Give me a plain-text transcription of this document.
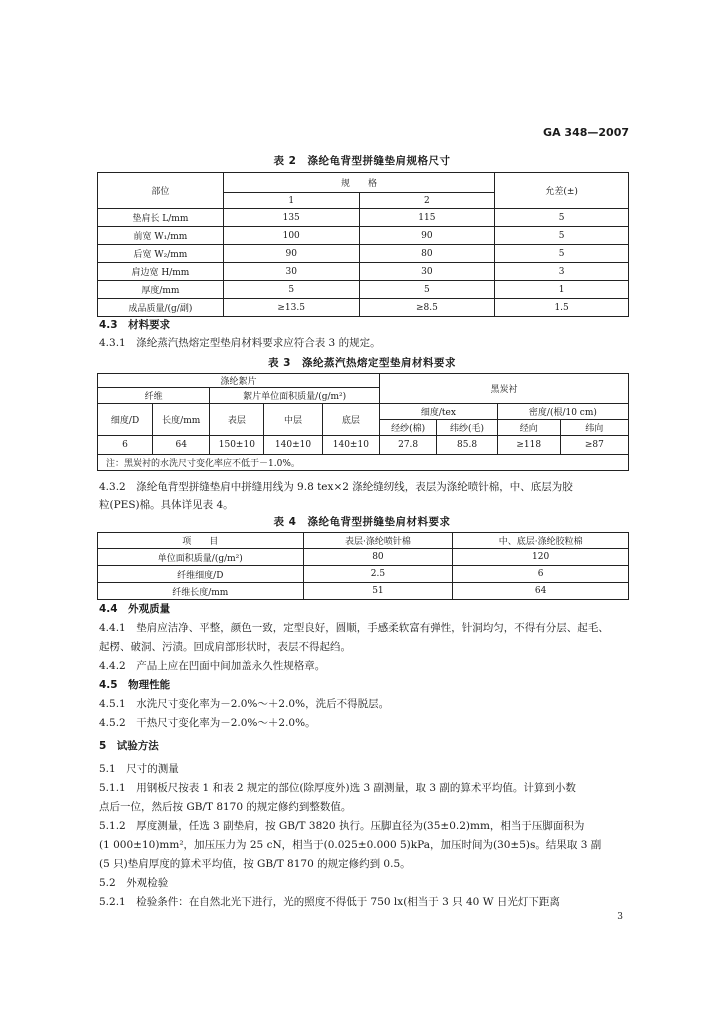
GA 348—2007
表 2　涤纶龟背型拼缝垫肩规格尺寸
部位	规　　格		允差(±)
	1	2	
垫肩长 L/mm	135	115	5
前宽 W₁/mm	100	90	5
后宽 W₂/mm	90	80	5
肩边宽 H/mm	30	30	3
厚度/mm	5	5	1
成品质量/(g/副)	≥13.5	≥8.5	1.5
4.3　材料要求
4.3.1　涤纶蒸汽热熔定型垫肩材料要求应符合表 3 的规定。
表 3　涤纶蒸汽热熔定型垫肩材料要求
涤纶絮片					黑炭衬			
纤维		絮片单位面积质量/(g/m²)						
细度/D	长度/mm	表层	中层	底层	细度/tex		密度/(根/10 cm)	
					经纱(棉)	纬纱(毛)	经向	纬向
6	64	150±10	140±10	140±10	27.8	85.8	≥118	≥87
注：黑炭衬的水洗尺寸变化率应不低于－1.0%。								
4.3.2　涤纶龟背型拼缝垫肩中拼缝用线为 9.8 tex×2 涤纶缝纫线，表层为涤纶喷针棉，中、底层为胶
粒(PES)棉。具体详见表 4。
表 4　涤纶龟背型拼缝垫肩材料要求
项　　目	表层·涤纶喷针棉	中、底层·涤纶胶粒棉
单位面积质量/(g/m²)	80	120
纤维细度/D	2.5	6
纤维长度/mm	51	64
4.4　外观质量
4.4.1　垫肩应洁净、平整，颜色一致，定型良好，圆顺，手感柔软富有弹性，针洞均匀，不得有分层、起毛、
起楞、破洞、污渍。回成肩部形状时，表层不得起绉。
4.4.2　产品上应在凹面中间加盖永久性规格章。
4.5　物理性能
4.5.1　水洗尺寸变化率为－2.0%～＋2.0%，洗后不得脱层。
4.5.2　干热尺寸变化率为－2.0%～＋2.0%。
5　试验方法
5.1　尺寸的测量
5.1.1　用钢板尺按表 1 和表 2 规定的部位(除厚度外)选 3 副测量，取 3 副的算术平均值。计算到小数
点后一位，然后按 GB/T 8170 的规定修约到整数值。
5.1.2　厚度测量，任选 3 副垫肩，按 GB/T 3820 执行。压脚直径为(35±0.2)mm，相当于压脚面积为
(1 000±10)mm²，加压压力为 25 cN，相当于(0.025±0.000 5)kPa，加压时间为(30±5)s。结果取 3 副
(5 只)垫肩厚度的算术平均值，按 GB/T 8170 的规定修约到 0.5。
5.2　外观检验
5.2.1　检验条件：在自然北光下进行，光的照度不得低于 750 lx(相当于 3 只 40 W 日光灯下距离
3
